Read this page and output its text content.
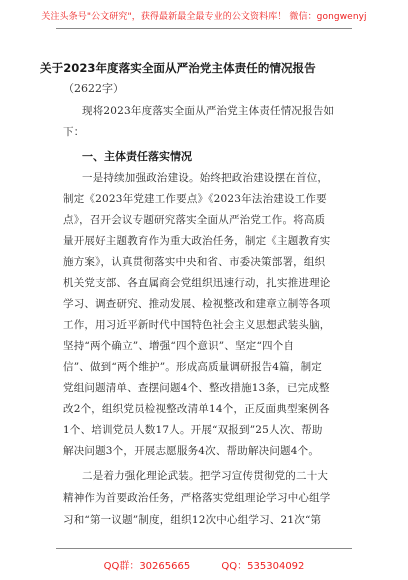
关注头条号"公文研究"，获得最新最全最专业的公文资料库！ 微信：gongwenyj
关于2023年度落实全面从严治党主体责任的情况报告
（2622字）
现将2023年度落实全面从严治党主体责任情况报告如
下：
一、主体责任落实情况
一是持续加强政治建设。始终把政治建设摆在首位，
制定《2023年党建工作要点》《2023年法治建设工作要
点》，召开会议专题研究落实全面从严治党工作。将高质
量开展好主题教育作为重大政治任务，制定《主题教育实
施方案》，认真贯彻落实中央和省、市委决策部署，组织
机关党支部、各直属商会党组织迅速行动，扎实推进理论
学习、调查研究、推动发展、检视整改和建章立制等各项
工作，用习近平新时代中国特色社会主义思想武装头脑，
坚持“两个确立”、增强“四个意识”、坚定“四个自
信”、做到“两个维护”。形成高质量调研报告4篇，制定
党组问题清单、查摆问题4个、整改措施13条，已完成整
改2个，组织党员检视整改清单14个，正反面典型案例各
1个、培训党员人数17人。开展“双报到”25人次、帮助
解决问题3个，开展志愿服务4次、帮助解决问题4个。
二是着力强化理论武装。把学习宣传贯彻党的二十大
精神作为首要政治任务，严格落实党组理论学习中心组学
习和“第一议题”制度，组织12次中心组学习、21次“第
QQ群：30265665	QQ：535304092
